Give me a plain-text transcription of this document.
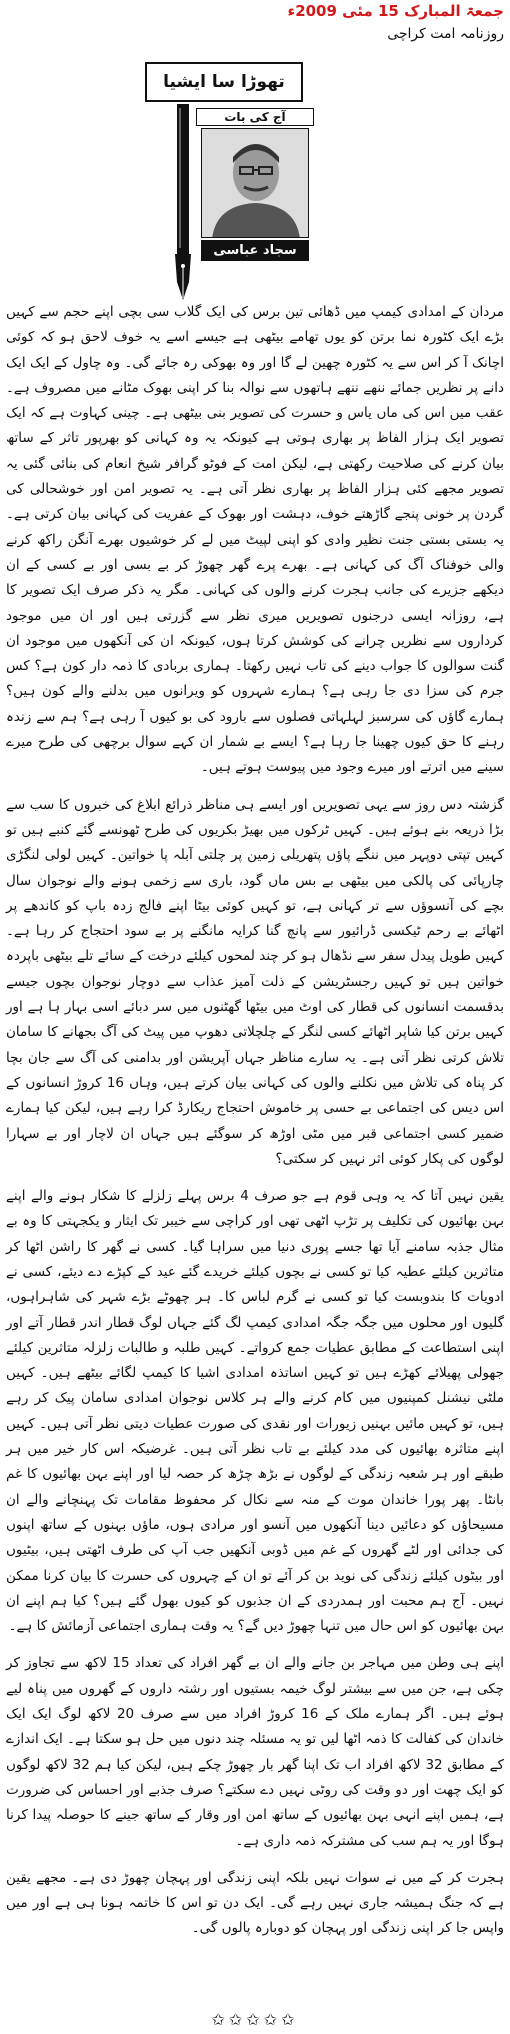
جمعۃ المبارک 15 مئی 2009ء
روزنامہ امت کراچی
تھوڑا سا ایشیا
آج کی بات
سجاد عباسی

مردان کے امدادی کیمپ میں ڈھائی تین برس کی ایک گلاب سی بچی اپنے حجم سے کہیں بڑے ایک کٹورہ نما برتن کو یوں تھامے بیٹھی ہے جیسے اسے یہ خوف لاحق ہو کہ کوئی اچانک آ کر اس سے یہ کٹورہ چھین لے گا اور وہ بھوکی رہ جائے گی۔ وہ چاول کے ایک ایک دانے پر نظریں جمائے ننھے ننھے ہاتھوں سے نوالہ بنا کر اپنی بھوک مٹانے میں مصروف ہے۔ عقب میں اس کی ماں یاس و حسرت کی تصویر بنی بیٹھی ہے۔ چینی کہاوت ہے کہ ایک تصویر ایک ہزار الفاظ پر بھاری ہوتی ہے کیونکہ یہ وہ کہانی کو بھرپور تاثر کے ساتھ بیان کرنے کی صلاحیت رکھتی ہے، لیکن امت کے فوٹو گرافر شیخ انعام کی بنائی گئی یہ تصویر مجھے کئی ہزار الفاظ پر بھاری نظر آتی ہے۔ یہ تصویر امن اور خوشحالی کی گردن پر خونی پنجے گاڑھتے خوف، دہشت اور بھوک کے عفریت کی کہانی بیان کرتی ہے۔ یہ بستی بستی جنت نظیر وادی کو اپنی لپیٹ میں لے کر خوشیوں بھرے آنگن راکھ کرنے والی خوفناک آگ کی کہانی ہے۔ بھرے پرے گھر چھوڑ کر بے بسی اور بے کسی کے ان دیکھے جزیرے کی جانب ہجرت کرنے والوں کی کہانی۔ مگر یہ ذکر صرف ایک تصویر کا ہے، روزانہ ایسی درجنوں تصویریں میری نظر سے گزرتی ہیں اور ان میں موجود کرداروں سے نظریں چرانے کی کوشش کرتا ہوں، کیونکہ ان کی آنکھوں میں موجود ان گنت سوالوں کا جواب دینے کی تاب نہیں رکھتا۔ ہماری بربادی کا ذمہ دار کون ہے؟ کس جرم کی سزا دی جا رہی ہے؟ ہمارے شہروں کو ویرانوں میں بدلنے والے کون ہیں؟ ہمارے گاؤں کی سرسبز لہلہاتی فصلوں سے بارود کی بو کیوں آ رہی ہے؟ ہم سے زندہ رہنے کا حق کیوں چھینا جا رہا ہے؟ ایسے بے شمار ان کہے سوال برچھی کی طرح میرے سینے میں اترتے اور میرے وجود میں پیوست ہوتے ہیں۔

گزشتہ دس روز سے یہی تصویریں اور ایسے ہی مناظر ذرائع ابلاغ کی خبروں کا سب سے بڑا ذریعہ بنے ہوئے ہیں۔ کہیں ٹرکوں میں بھیڑ بکریوں کی طرح ٹھونسے گئے کنبے ہیں تو کہیں تپتی دوپہر میں ننگے پاؤں پتھریلی زمین پر چلتی آبلہ پا خواتین۔ کہیں لولی لنگڑی چارپائی کی پالکی میں بیٹھی بے بس ماں گود، باری سے زخمی ہونے والے نوجوان سال بچے کی آنسوؤں سے تر کہانی ہے، تو کہیں کوئی بیٹا اپنے فالج زدہ باپ کو کاندھے پر اٹھائے بے رحم ٹیکسی ڈرائیور سے پانچ گنا کرایہ مانگنے پر بے سود احتجاج کر رہا ہے۔ کہیں طویل پیدل سفر سے نڈھال ہو کر چند لمحوں کیلئے درخت کے سائے تلے بیٹھی باپردہ خواتین ہیں تو کہیں رجسٹریشن کے ذلت آمیز عذاب سے دوچار نوجوان بچوں جیسے بدقسمت انسانوں کی قطار کی اوٹ میں بیٹھا گھٹنوں میں سر دبائے اسی بہار ہا ہے اور کہیں برتن کیا شاپر اٹھائے کسی لنگر کے چلچلاتی دھوپ میں پیٹ کی آگ بجھانے کا سامان تلاش کرتی نظر آتی ہے۔ یہ سارے مناظر جہاں آپریشن اور بدامنی کی آگ سے جان بچا کر پناہ کی تلاش میں نکلنے والوں کی کہانی بیان کرتے ہیں، وہاں 16 کروڑ انسانوں کے اس دیس کی اجتماعی بے حسی پر خاموش احتجاج ریکارڈ کرا رہے ہیں، لیکن کیا ہمارے ضمیر کسی اجتماعی قبر میں مٹی اوڑھ کر سوگئے ہیں جہاں ان لاچار اور بے سہارا لوگوں کی پکار کوئی اثر نہیں کر سکتی؟

یقین نہیں آتا کہ یہ وہی قوم ہے جو صرف 4 برس پہلے زلزلے کا شکار ہونے والے اپنے بہن بھائیوں کی تکلیف پر تڑپ اٹھی تھی اور کراچی سے خیبر تک ایثار و یکجہتی کا وہ بے مثال جذبہ سامنے آیا تھا جسے پوری دنیا میں سراہا گیا۔ کسی نے گھر کا راشن اٹھا کر متاثرین کیلئے عطیہ کیا تو کسی نے بچوں کیلئے خریدے گئے عید کے کپڑے دے دیئے، کسی نے ادویات کا بندوبست کیا تو کسی نے گرم لباس کا۔ ہر چھوٹے بڑے شہر کی شاہراہوں، گلیوں اور محلوں میں جگہ جگہ امدادی کیمپ لگ گئے جہاں لوگ قطار اندر قطار آتے اور اپنی استطاعت کے مطابق عطیات جمع کرواتے۔ کہیں طلبہ و طالبات زلزلہ متاثرین کیلئے جھولی پھیلائے کھڑے ہیں تو کہیں اساتذہ امدادی اشیا کا کیمپ لگائے بیٹھے ہیں۔ کہیں ملٹی نیشنل کمپنیوں میں کام کرنے والے ہر کلاس نوجوان امدادی سامان پیک کر رہے ہیں، تو کہیں مائیں بہنیں زیورات اور نقدی کی صورت عطیات دیتی نظر آتی ہیں۔ کہیں اپنے متاثرہ بھائیوں کی مدد کیلئے بے تاب نظر آتی ہیں۔ غرضیکہ اس کار خیر میں ہر طبقے اور ہر شعبہ زندگی کے لوگوں نے بڑھ چڑھ کر حصہ لیا اور اپنے بہن بھائیوں کا غم بانٹا۔ پھر پورا خاندان موت کے منہ سے نکال کر محفوظ مقامات تک پہنچانے والے ان مسیحاؤں کو دعائیں دینا آنکھوں میں آنسو اور مرادی ہوں، ماؤں بہنوں کے ساتھ اپنوں کی جدائی اور لٹے گھروں کے غم میں ڈوبی آنکھیں جب آپ کی طرف اٹھتی ہیں، بیٹیوں اور بیٹوں کیلئے زندگی کی نوید بن کر آئے تو ان کے چہروں کی حسرت کا بیان کرنا ممکن نہیں۔ آج ہم محبت اور ہمدردی کے ان جذبوں کو کیوں بھول گئے ہیں؟ کیا ہم اپنے ان بہن بھائیوں کو اس حال میں تنہا چھوڑ دیں گے؟ یہ وقت ہماری اجتماعی آزمائش کا ہے۔

اپنے ہی وطن میں مہاجر بن جانے والے ان بے گھر افراد کی تعداد 15 لاکھ سے تجاوز کر چکی ہے، جن میں سے بیشتر لوگ خیمہ بستیوں اور رشتہ داروں کے گھروں میں پناہ لیے ہوئے ہیں۔ اگر ہمارے ملک کے 16 کروڑ افراد میں سے صرف 20 لاکھ لوگ ایک ایک خاندان کی کفالت کا ذمہ اٹھا لیں تو یہ مسئلہ چند دنوں میں حل ہو سکتا ہے۔ ایک اندازے کے مطابق 32 لاکھ افراد اب تک اپنا گھر بار چھوڑ چکے ہیں، لیکن کیا ہم 32 لاکھ لوگوں کو ایک چھت اور دو وقت کی روٹی نہیں دے سکتے؟ صرف جذبے اور احساس کی ضرورت ہے، ہمیں اپنے انہی بہن بھائیوں کے ساتھ امن اور وقار کے ساتھ جینے کا حوصلہ پیدا کرنا ہوگا اور یہ ہم سب کی مشترکہ ذمہ داری ہے۔

ہجرت کر کے میں نے سوات نہیں بلکہ اپنی زندگی اور پہچان چھوڑ دی ہے۔ مجھے یقین ہے کہ جنگ ہمیشہ جاری نہیں رہے گی۔ ایک دن تو اس کا خاتمہ ہونا ہی ہے اور میں واپس جا کر اپنی زندگی اور پہچان کو دوبارہ پالوں گی۔

✩✩✩✩✩
